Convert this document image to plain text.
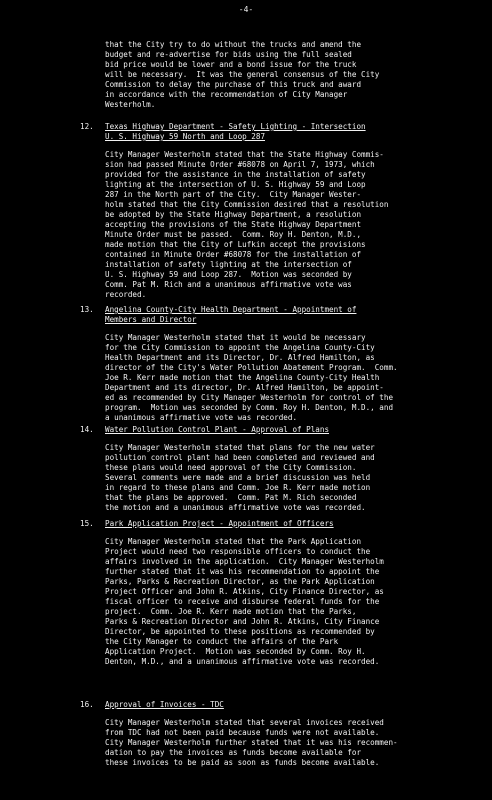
-4-
that the City try to do without the trucks and amend the
budget and re-advertise for bids using the full sealed
bid price would be lower and a bond issue for the truck
will be necessary.  It was the general consensus of the City
Commission to delay the purchase of this truck and award
in accordance with the recommendation of City Manager
Westerholm.
12.	Texas Highway Department - Safety Lighting - Intersection
U. S. Highway 59 North and Loop 287
City Manager Westerholm stated that the State Highway Commis-
sion had passed Minute Order #68078 on April 7, 1973, which
provided for the assistance in the installation of safety
lighting at the intersection of U. S. Highway 59 and Loop
287 in the North part of the City.  City Manager Wester-
holm stated that the City Commission desired that a resolution
be adopted by the State Highway Department, a resolution
accepting the provisions of the State Highway Department
Minute Order must be passed.  Comm. Roy H. Denton, M.D.,
made motion that the City of Lufkin accept the provisions
contained in Minute Order #68078 for the installation of
installation of safety lighting at the intersection of
U. S. Highway 59 and Loop 287.  Motion was seconded by
Comm. Pat M. Rich and a unanimous affirmative vote was
recorded.
13.	Angelina County-City Health Department - Appointment of
Members and Director
City Manager Westerholm stated that it would be necessary
for the City Commission to appoint the Angelina County-City
Health Department and its Director, Dr. Alfred Hamilton, as
director of the City's Water Pollution Abatement Program.  Comm.
Joe R. Kerr made motion that the Angelina County-City Health
Department and its director, Dr. Alfred Hamilton, be appoint-
ed as recommended by City Manager Westerholm for control of the
program.  Motion was seconded by Comm. Roy H. Denton, M.D., and
a unanimous affirmative vote was recorded.
14.	Water Pollution Control Plant - Approval of Plans
City Manager Westerholm stated that plans for the new water
pollution control plant had been completed and reviewed and
these plans would need approval of the City Commission.
Several comments were made and a brief discussion was held
in regard to these plans and Comm. Joe R. Kerr made motion
that the plans be approved.  Comm. Pat M. Rich seconded
the motion and a unanimous affirmative vote was recorded.
15.	Park Application Project - Appointment of Officers
City Manager Westerholm stated that the Park Application
Project would need two responsible officers to conduct the
affairs involved in the application.  City Manager Westerholm
further stated that it was his recommendation to appoint the
Parks, Parks & Recreation Director, as the Park Application
Project Officer and John R. Atkins, City Finance Director, as
fiscal officer to receive and disburse federal funds for the
project.  Comm. Joe R. Kerr made motion that the Parks,
Parks & Recreation Director and John R. Atkins, City Finance
Director, be appointed to these positions as recommended by
the City Manager to conduct the affairs of the Park
Application Project.  Motion was seconded by Comm. Roy H.
Denton, M.D., and a unanimous affirmative vote was recorded.
16.	Approval of Invoices - TDC
City Manager Westerholm stated that several invoices received
from TDC had not been paid because funds were not available.
City Manager Westerholm further stated that it was his recommen-
dation to pay the invoices as funds become available for
these invoices to be paid as soon as funds become available.
